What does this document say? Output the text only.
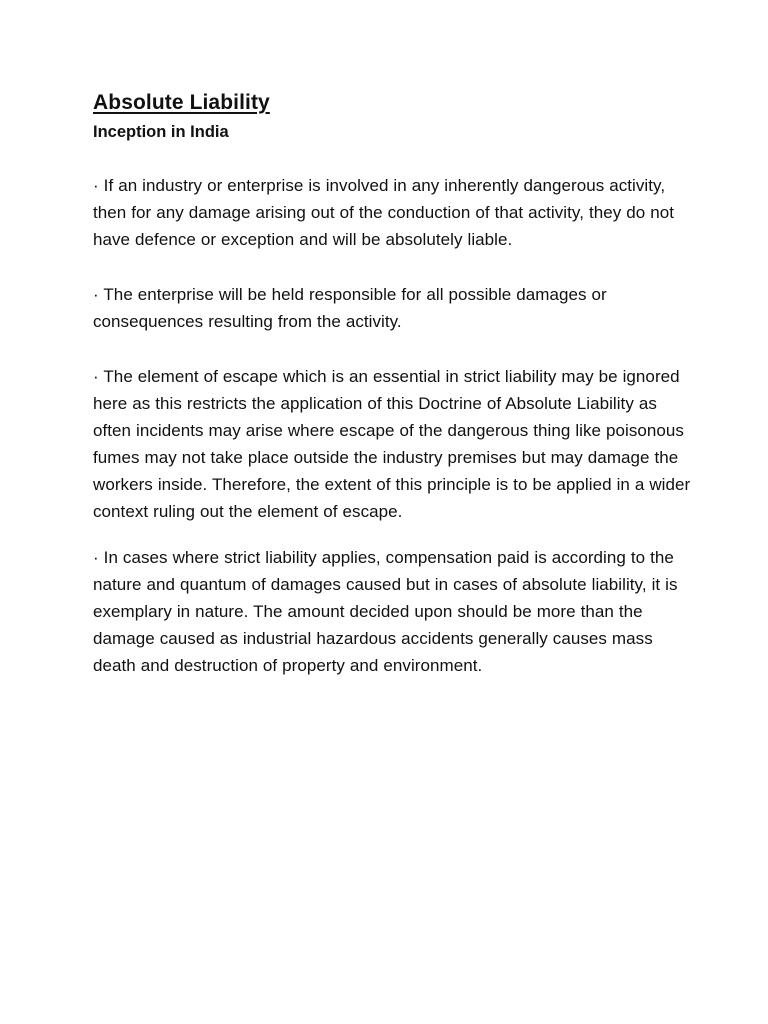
Absolute Liability
Inception in India

· If an industry or enterprise is involved in any inherently dangerous activity, then for any damage arising out of the conduction of that activity, they do not have defence or exception and will be absolutely liable.

· The enterprise will be held responsible for all possible damages or consequences resulting from the activity.

· The element of escape which is an essential in strict liability may be ignored here as this restricts the application of this Doctrine of Absolute Liability as often incidents may arise where escape of the dangerous thing like poisonous fumes may not take place outside the industry premises but may damage the workers inside. Therefore, the extent of this principle is to be applied in a wider context ruling out the element of escape.

· In cases where strict liability applies, compensation paid is according to the nature and quantum of damages caused but in cases of absolute liability, it is exemplary in nature. The amount decided upon should be more than the damage caused as industrial hazardous accidents generally causes mass death and destruction of property and environment.
